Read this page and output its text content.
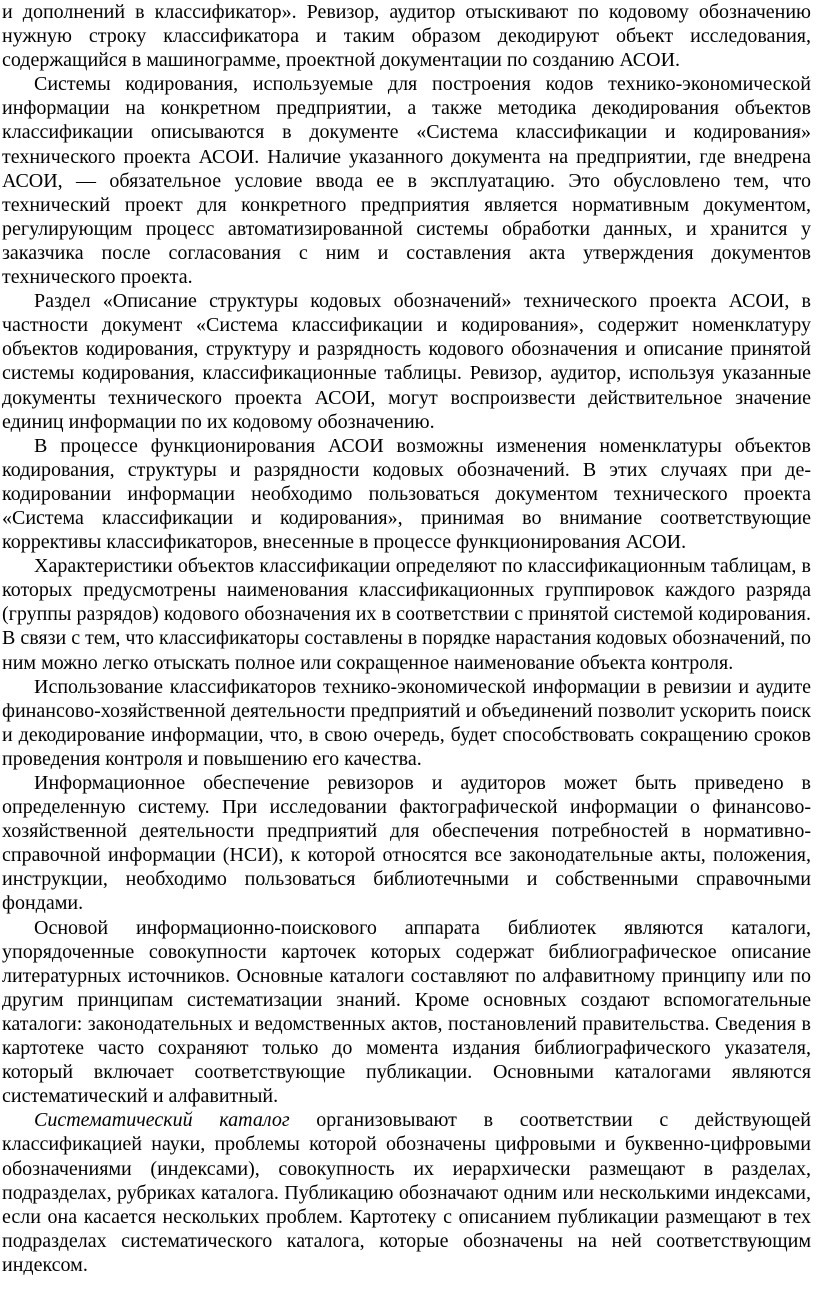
и дополнений в классификатор». Ревизор, аудитор отыскивают по кодовому обозначению нужную строку классификатора и таким образом декодируют объект исследования, содержащийся в машинограмме, проектной документации по созданию АСОИ.

Системы кодирования, используемые для построения кодов технико-экономической информации на конкретном предприятии, а также методика декодирования объектов классификации описываются в документе «Система классификации и кодирования» технического проекта АСОИ. Наличие указанного документа на предприятии, где внедрена АСОИ, — обязательное условие ввода ее в эксплуатацию. Это обусловлено тем, что технический проект для конкретного предприятия является нормативным документом, регулирующим процесс автоматизированной системы обработки данных, и хранится у заказчика после согласования с ним и составления акта утверждения документов технического проекта.

Раздел «Описание структуры кодовых обозначений» технического проекта АСОИ, в частности документ «Система классификации и кодирования», содержит номенклатуру объектов кодирования, структуру и разрядность кодового обозначения и описание принятой системы кодирования, классификационные таблицы. Ревизор, аудитор, используя указанные документы технического проекта АСОИ, могут воспроизвести действительное значение единиц информации по их кодовому обозначению.

В процессе функционирования АСОИ возможны изменения номенклатуры объектов кодирования, структуры и разрядности кодовых обозначений. В этих случаях при декодировании информации необходимо пользоваться документом технического проекта «Система классификации и кодирования», принимая во внимание соответствующие коррективы классификаторов, внесенные в процессе функционирования АСОИ.

Характеристики объектов классификации определяют по классификационным таблицам, в которых предусмотрены наименования классификационных группировок каждого разряда (группы разрядов) кодового обозначения их в соответствии с принятой системой кодирования. В связи с тем, что классификаторы составлены в порядке нарастания кодовых обозначений, по ним можно легко отыскать полное или сокращенное наименование объекта контроля.

Использование классификаторов технико-экономической информации в ревизии и аудите финансово-хозяйственной деятельности предприятий и объединений позволит ускорить поиск и декодирование информации, что, в свою очередь, будет способствовать сокращению сроков проведения контроля и повышению его качества.

Информационное обеспечение ревизоров и аудиторов может быть приведено в определенную систему. При исследовании фактографической информации о финансово-хозяйственной деятельности предприятий для обеспечения потребностей в нормативно-справочной информации (НСИ), к которой относятся все законодательные акты, положения, инструкции, необходимо пользоваться библиотечными и собственными справочными фондами.

Основой информационно-поискового аппарата библиотек являются каталоги, упорядоченные совокупности карточек которых содержат библиографическое описание литературных источников. Основные каталоги составляют по алфавитному принципу или по другим принципам систематизации знаний. Кроме основных создают вспомогательные каталоги: законодательных и ведомственных актов, постановлений правительства. Сведения в картотеке часто сохраняют только до момента издания библиографического указателя, который включает соответствующие публикации. Основными каталогами являются систематический и алфавитный.

Систематический каталог организовывают в соответствии с действующей классификацией науки, проблемы которой обозначены цифровыми и буквенно-цифровыми обозначениями (индексами), совокупность их иерархически размещают в разделах, подразделах, рубриках каталога. Публикацию обозначают одним или несколькими индексами, если она касается нескольких проблем. Картотеку с описанием публикации размещают в тех подразделах систематического каталога, которые обозначены на ней соответствующим индексом.
